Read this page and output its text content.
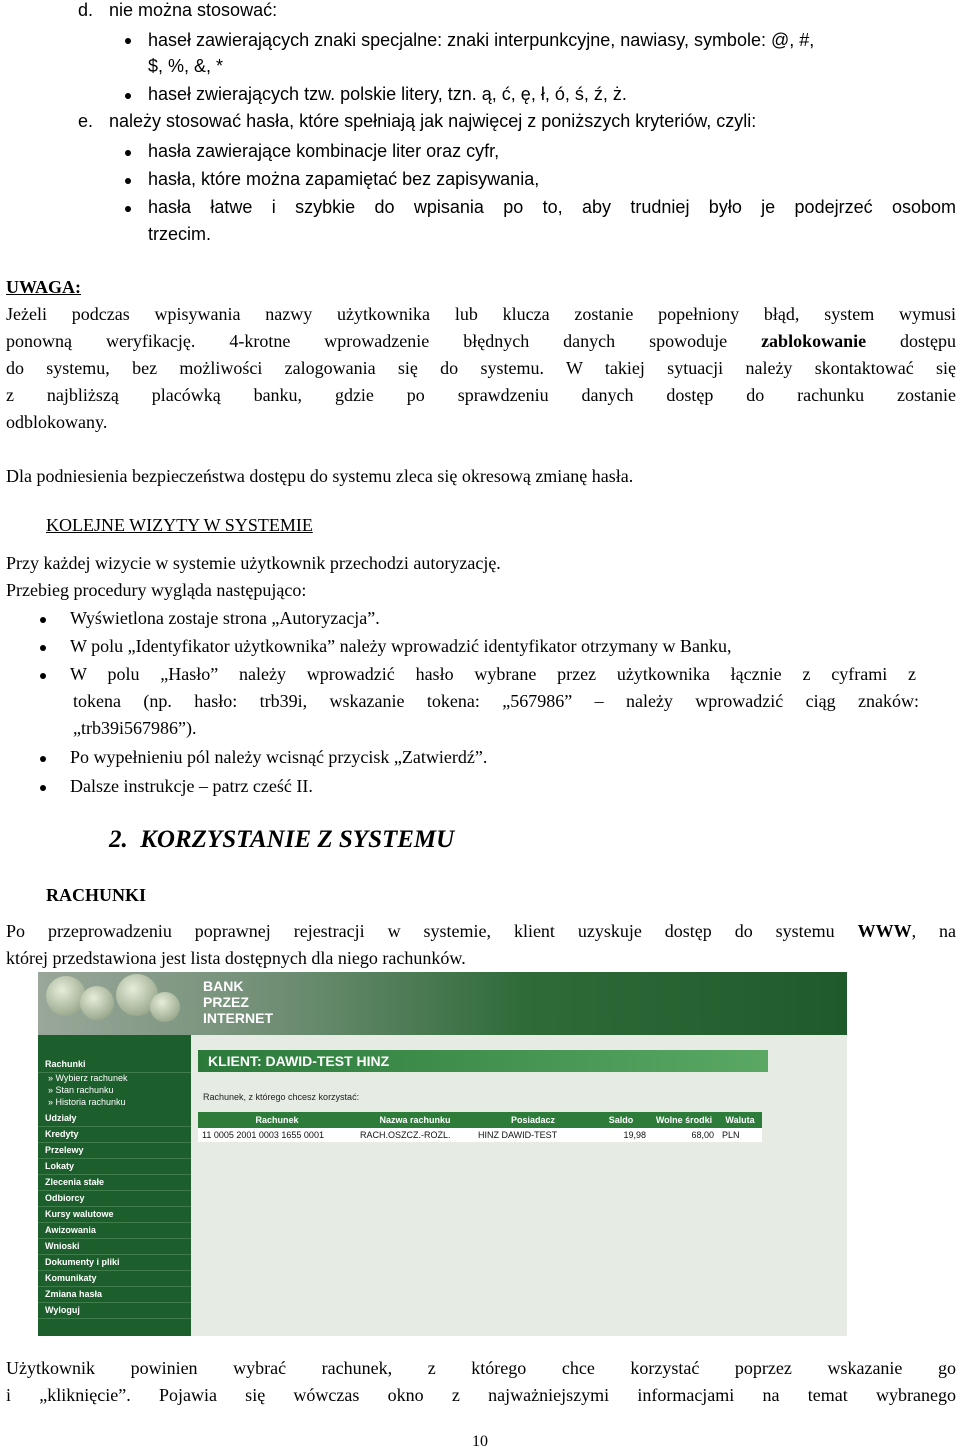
d. nie można stosować:
haseł zawierających znaki specjalne: znaki interpunkcyjne, nawiasy, symbole: @, #,
$, %, &, *
haseł zwierających tzw. polskie litery, tzn. ą, ć, ę, ł, ó, ś, ź, ż.
e. należy stosować hasła, które spełniają jak najwięcej z poniższych kryteriów, czyli:
hasła zawierające kombinacje liter oraz cyfr,
hasła, które można zapamiętać bez zapisywania,
hasła łatwe i szybkie do wpisania po to, aby trudniej było je podejrzeć osobom
trzecim.
UWAGA:
Jeżeli podczas wpisywania nazwy użytkownika lub klucza zostanie popełniony błąd, system wymusi
ponowną weryfikację. 4-krotne wprowadzenie błędnych danych spowoduje zablokowanie dostępu
do systemu, bez możliwości zalogowania się do systemu. W takiej sytuacji należy skontaktować się
z najbliższą placówką banku, gdzie po sprawdzeniu danych dostęp do rachunku zostanie
odblokowany.
Dla podniesienia bezpieczeństwa dostępu do systemu zleca się okresową zmianę hasła.
KOLEJNE WIZYTY W SYSTEMIE
Przy każdej wizycie w systemie użytkownik przechodzi autoryzację.
Przebieg procedury wygląda następująco:
Wyświetlona zostaje strona „Autoryzacja”.
W polu „Identyfikator użytkownika” należy wprowadzić identyfikator otrzymany w Banku,
W polu „Hasło” należy wprowadzić hasło wybrane przez użytkownika łącznie z cyframi z
tokena (np. hasło: trb39i, wskazanie tokena: „567986” – należy wprowadzić ciąg znaków:
„trb39i567986”).
Po wypełnieniu pól należy wcisnąć przycisk „Zatwierdź”.
Dalsze instrukcje – patrz cześć II.
2. KORZYSTANIE Z SYSTEMU
RACHUNKI
Po przeprowadzeniu poprawnej rejestracji w systemie, klient uzyskuje dostęp do systemu WWW, na
której przedstawiona jest lista dostępnych dla niego rachunków.
BANK
PRZEZ
INTERNET
Rachunki
» Wybierz rachunek
» Stan rachunku
» Historia rachunku
Udziały
Kredyty
Przelewy
Lokaty
Zlecenia stałe
Odbiorcy
Kursy walutowe
Awizowania
Wnioski
Dokumenty i pliki
Komunikaty
Zmiana hasła
Wyloguj
KLIENT: DAWID-TEST HINZ
Rachunek, z którego chcesz korzystać:
Rachunek	Nazwa rachunku	Posiadacz	Saldo	Wolne środki	Waluta
11 0005 2001 0003 1655 0001	RACH.OSZCZ.-ROZL.	HINZ DAWID-TEST	19,98	68,00	PLN
Użytkownik powinien wybrać rachunek, z którego chce korzystać poprzez wskazanie go
i „kliknięcie”. Pojawia się wówczas okno z najważniejszymi informacjami na temat wybranego
10
